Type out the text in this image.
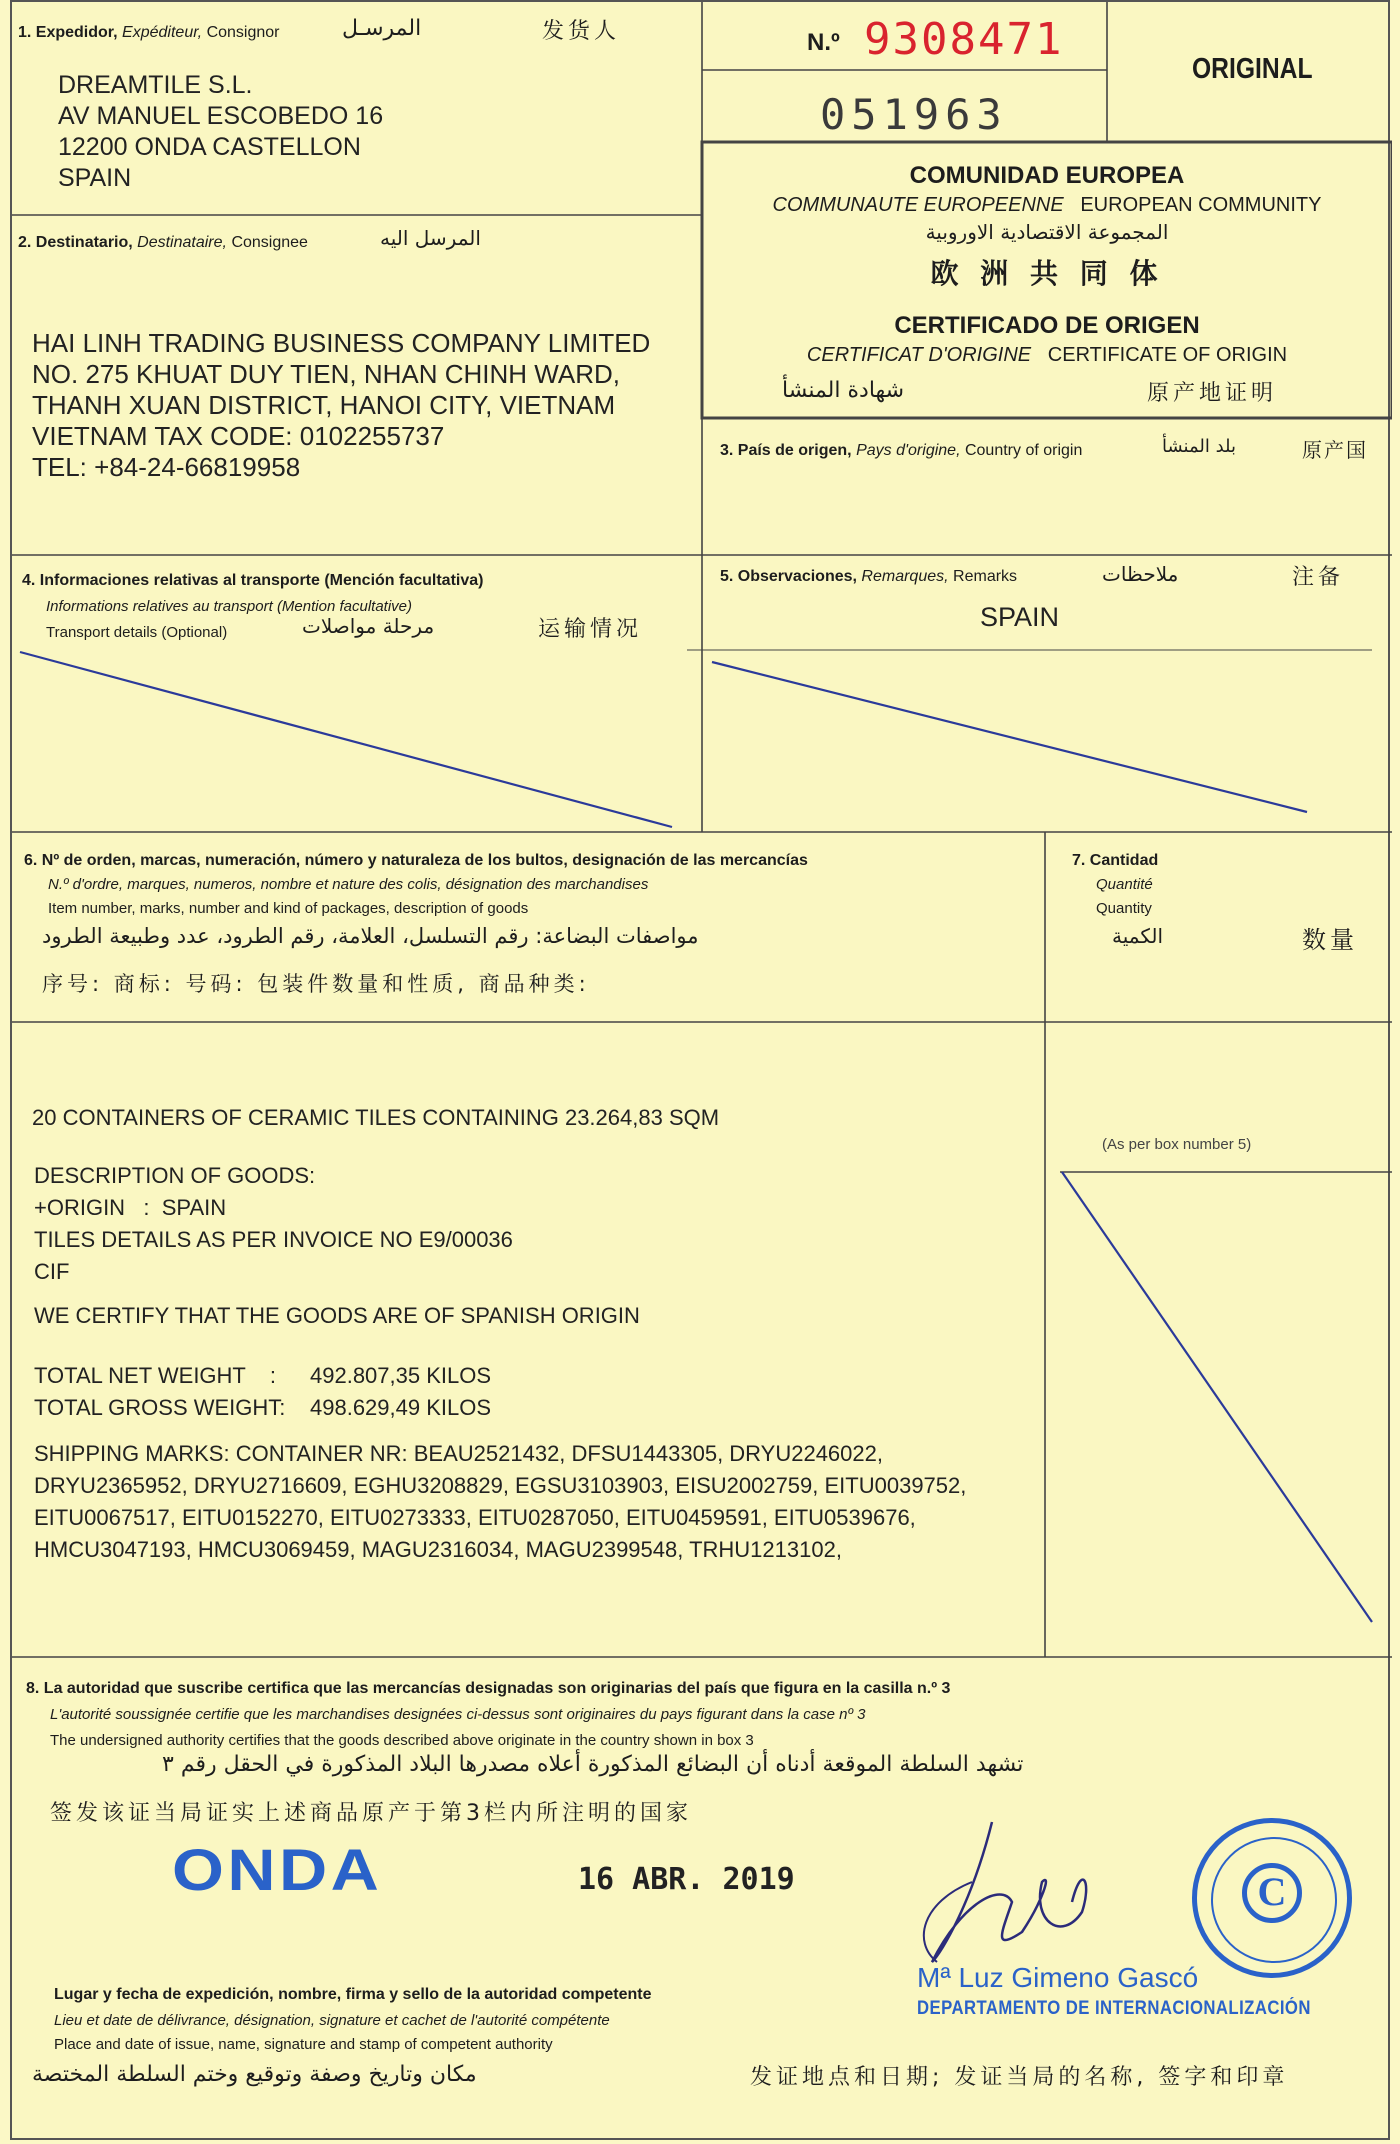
1. Expedidor, Expéditeur, Consignor	المرسـل	发货人
DREAMTILE S.L.
AV MANUEL ESCOBEDO 16
12200 ONDA CASTELLON
SPAIN
N.º 9308471
051963
ORIGINAL
COMUNIDAD EUROPEA
COMMUNAUTE EUROPEENNE EUROPEAN COMMUNITY
المجموعة الاقتصادية الاوروبية
欧 洲 共 同 体
CERTIFICADO DE ORIGEN
CERTIFICAT D'ORIGINE CERTIFICATE OF ORIGIN
شهادة المنشأ	原产地证明
2. Destinatario, Destinataire, Consignee	المرسل اليه
HAI LINH TRADING BUSINESS COMPANY LIMITED
NO. 275 KHUAT DUY TIEN, NHAN CHINH WARD,
THANH XUAN DISTRICT, HANOI CITY, VIETNAM
VIETNAM TAX CODE: 0102255737
TEL: +84-24-66819958
3. País de origen, Pays d'origine, Country of origin	بلد المنشأ	原产国
4. Informaciones relativas al transporte (Mención facultativa)
Informations relatives au transport (Mention facultative)
Transport details (Optional)	مرحلة مواصلات	运输情况
5. Observaciones, Remarques, Remarks	ملاحظات	注备
SPAIN
6. Nº de orden, marcas, numeración, número y naturaleza de los bultos, designación de las mercancías
N.º d'ordre, marques, numeros, nombre et nature des colis, désignation des marchandises
Item number, marks, number and kind of packages, description of goods
مواصفات البضاعة: رقم التسلسل، العلامة، رقم الطرود، عدد وطبيعة الطرود
序号: 商标: 号码: 包装件数量和性质, 商品种类:
7. Cantidad
Quantité
Quantity
الكمية	数量
(As per box number 5)
20 CONTAINERS OF CERAMIC TILES CONTAINING 23.264,83 SQM
DESCRIPTION OF GOODS:
+ORIGIN   :  SPAIN
TILES DETAILS AS PER INVOICE NO E9/00036
CIF
WE CERTIFY THAT THE GOODS ARE OF SPANISH ORIGIN
TOTAL NET WEIGHT    : 492.807,35 KILOS
TOTAL GROSS WEIGHT: 498.629,49 KILOS
SHIPPING MARKS: CONTAINER NR: BEAU2521432, DFSU1443305, DRYU2246022,
DRYU2365952, DRYU2716609, EGHU3208829, EGSU3103903, EISU2002759, EITU0039752,
EITU0067517, EITU0152270, EITU0273333, EITU0287050, EITU0459591, EITU0539676,
HMCU3047193, HMCU3069459, MAGU2316034, MAGU2399548, TRHU1213102,
8. La autoridad que suscribe certifica que las mercancías designadas son originarias del país que figura en la casilla n.º 3
L'autorité soussignée certifie que les marchandises designées ci-dessus sont originaires du pays figurant dans la case nº 3
The undersigned authority certifies that the goods described above originate in the country shown in box 3
تشهد السلطة الموقعة أدناه أن البضائع المذكورة أعلاه مصدرها البلاد المذكورة في الحقل رقم ٣
签发该证当局证实上述商品原产于第3栏内所注明的国家
ONDA	16 ABR. 2019
Mª Luz Gimeno Gascó
DEPARTAMENTO DE INTERNACIONALIZACIÓN
C
Lugar y fecha de expedición, nombre, firma y sello de la autoridad competente
Lieu et date de délivrance, désignation, signature et cachet de l'autorité compétente
Place and date of issue, name, signature and stamp of competent authority
مكان وتاريخ وصفة وتوقيع وختم السلطة المختصة	发证地点和日期; 发证当局的名称, 签字和印章
